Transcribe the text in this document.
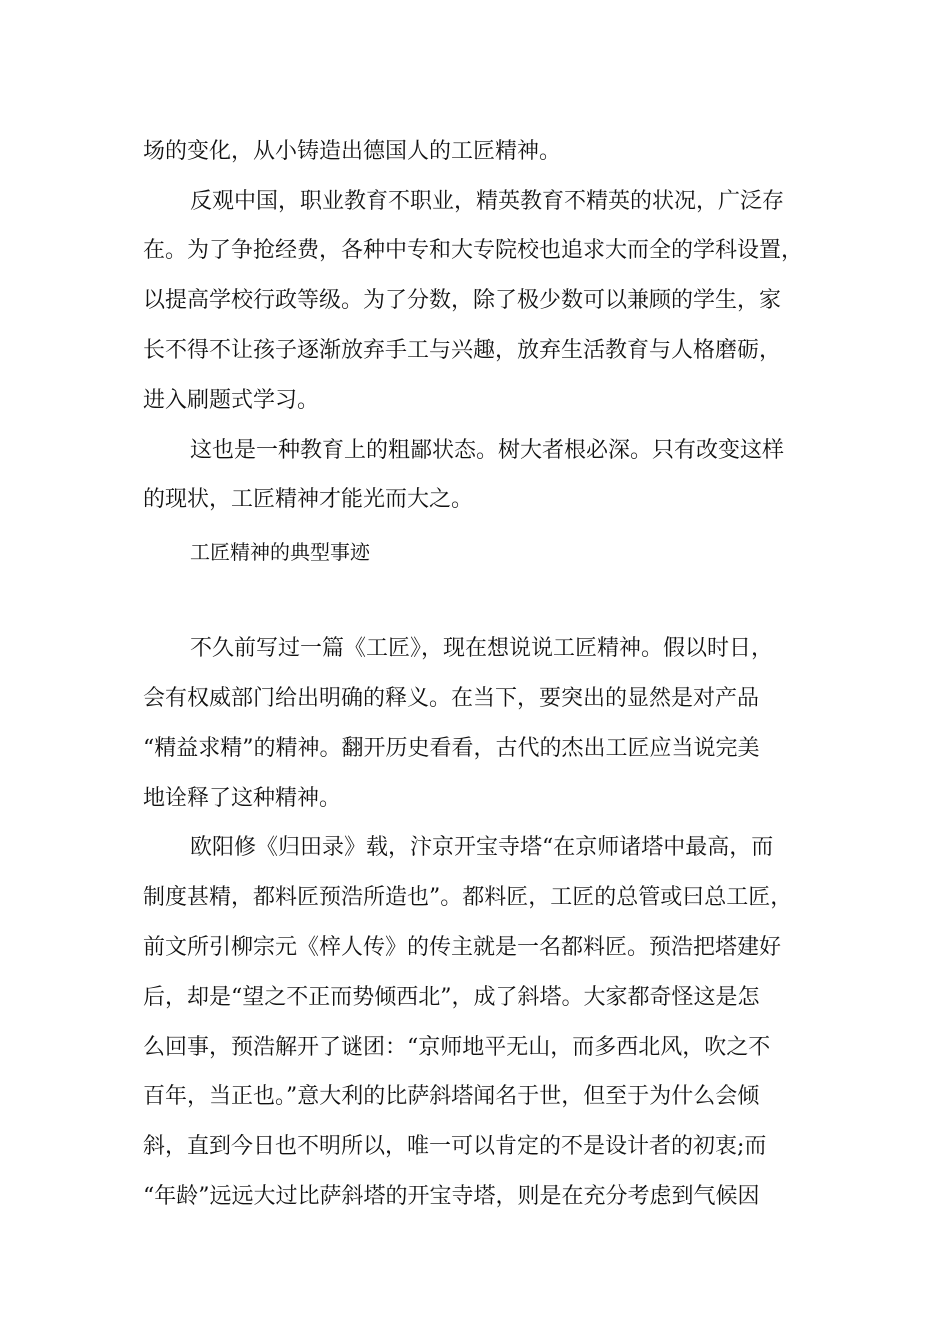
场的变化，从小铸造出德国人的工匠精神。
反观中国，职业教育不职业，精英教育不精英的状况，广泛存
在。为了争抢经费，各种中专和大专院校也追求大而全的学科设置，
以提高学校行政等级。为了分数，除了极少数可以兼顾的学生，家
长不得不让孩子逐渐放弃手工与兴趣，放弃生活教育与人格磨砺，
进入刷题式学习。
这也是一种教育上的粗鄙状态。树大者根必深。只有改变这样
的现状，工匠精神才能光而大之。
工匠精神的典型事迹
不久前写过一篇《工匠》，现在想说说工匠精神。假以时日，
会有权威部门给出明确的释义。在当下，要突出的显然是对产品
“精益求精”的精神。翻开历史看看，古代的杰出工匠应当说完美
地诠释了这种精神。
欧阳修《归田录》载，汴京开宝寺塔“在京师诸塔中最高，而
制度甚精，都料匠预浩所造也”。都料匠，工匠的总管或曰总工匠，
前文所引柳宗元《梓人传》的传主就是一名都料匠。预浩把塔建好
后，却是“望之不正而势倾西北”，成了斜塔。大家都奇怪这是怎
么回事，预浩解开了谜团：“京师地平无山，而多西北风，吹之不
百年，当正也。”意大利的比萨斜塔闻名于世，但至于为什么会倾
斜，直到今日也不明所以，唯一可以肯定的不是设计者的初衷;而
“年龄”远远大过比萨斜塔的开宝寺塔，则是在充分考虑到气候因
